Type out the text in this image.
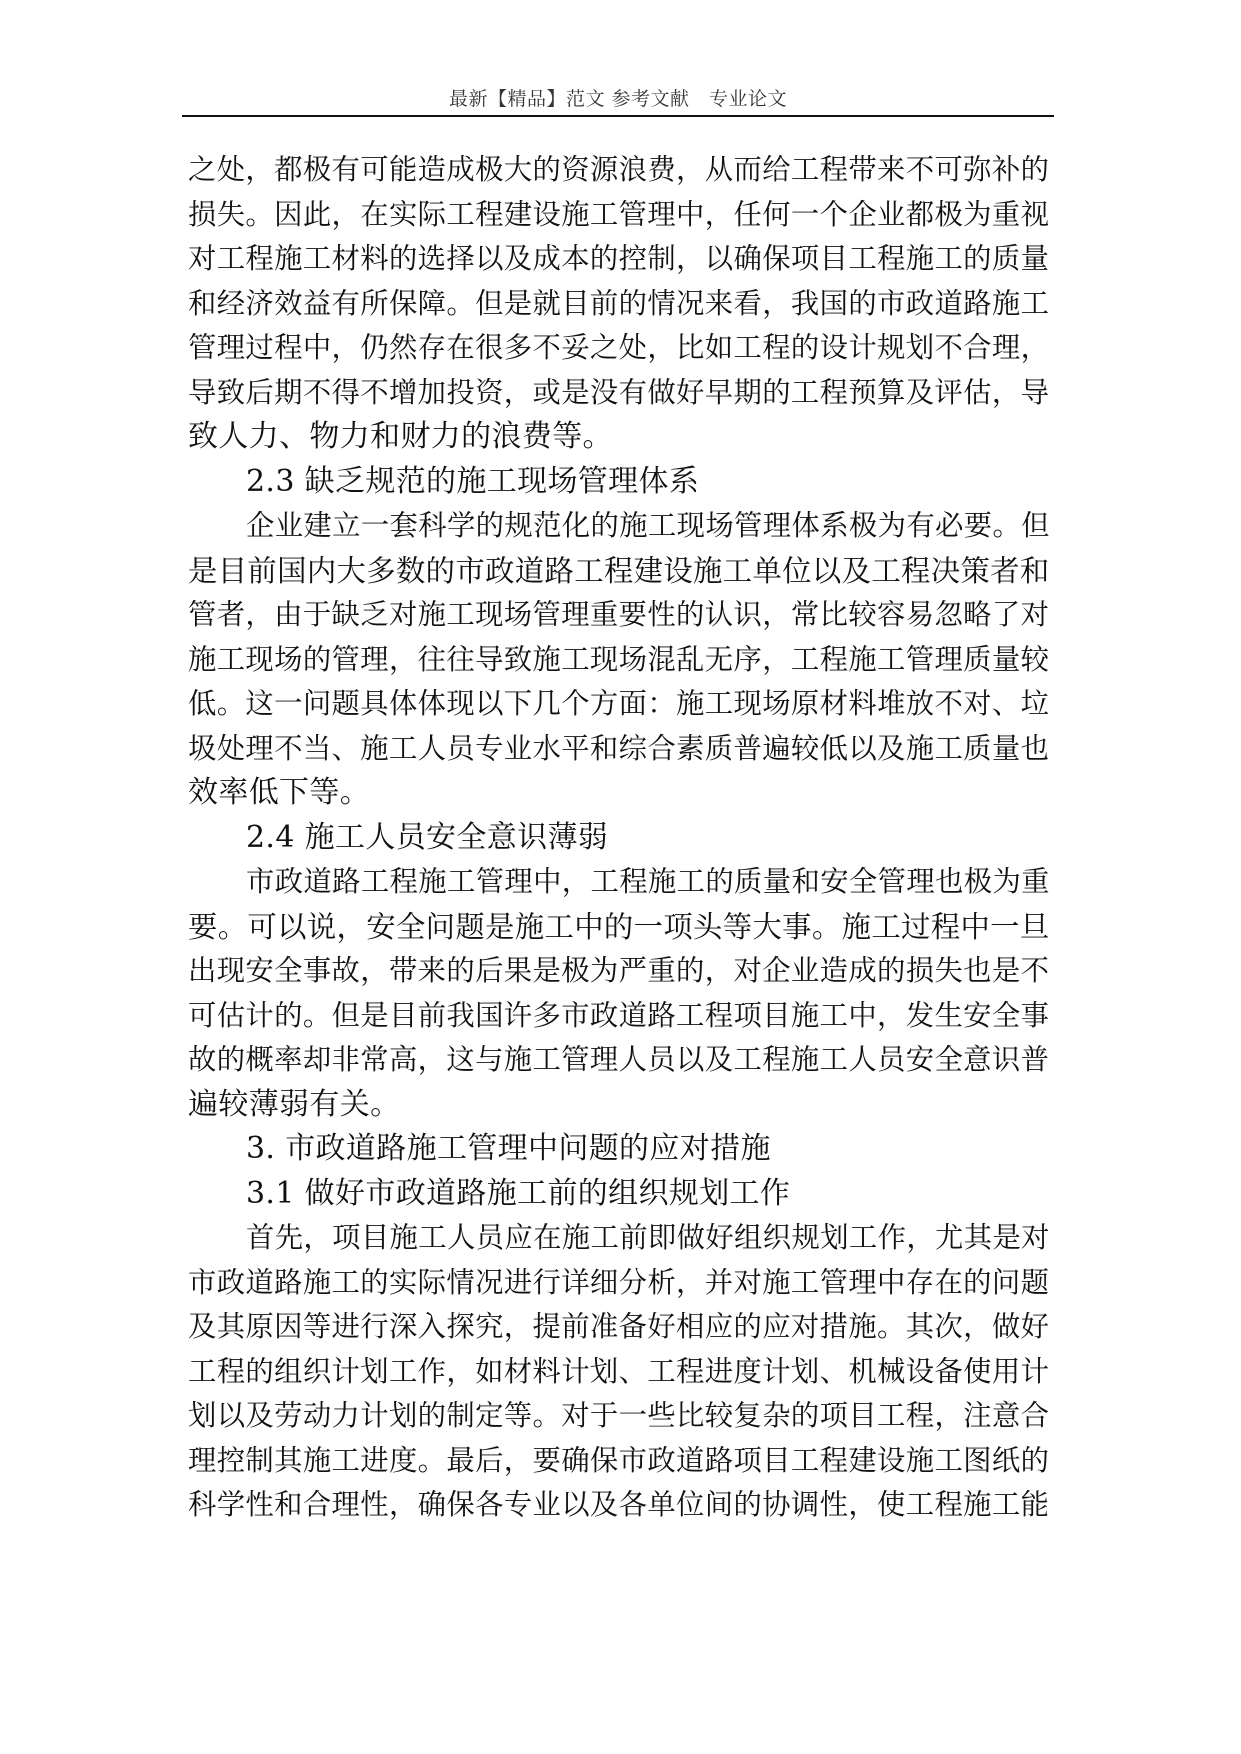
最新【精品】范文 参考文献　专业论文
之处，都极有可能造成极大的资源浪费，从而给工程带来不可弥补的
损失。因此，在实际工程建设施工管理中，任何一个企业都极为重视
对工程施工材料的选择以及成本的控制，以确保项目工程施工的质量
和经济效益有所保障。但是就目前的情况来看，我国的市政道路施工
管理过程中，仍然存在很多不妥之处，比如工程的设计规划不合理，
导致后期不得不增加投资，或是没有做好早期的工程预算及评估，导
致人力、物力和财力的浪费等。
2.3 缺乏规范的施工现场管理体系
企业建立一套科学的规范化的施工现场管理体系极为有必要。但
是目前国内大多数的市政道路工程建设施工单位以及工程决策者和
管者，由于缺乏对施工现场管理重要性的认识，常比较容易忽略了对
施工现场的管理，往往导致施工现场混乱无序，工程施工管理质量较
低。这一问题具体体现以下几个方面：施工现场原材料堆放不对、垃
圾处理不当、施工人员专业水平和综合素质普遍较低以及施工质量也
效率低下等。
2.4 施工人员安全意识薄弱
市政道路工程施工管理中，工程施工的质量和安全管理也极为重
要。可以说，安全问题是施工中的一项头等大事。施工过程中一旦
出现安全事故，带来的后果是极为严重的，对企业造成的损失也是不
可估计的。但是目前我国许多市政道路工程项目施工中，发生安全事
故的概率却非常高，这与施工管理人员以及工程施工人员安全意识普
遍较薄弱有关。
3. 市政道路施工管理中问题的应对措施
3.1 做好市政道路施工前的组织规划工作
首先，项目施工人员应在施工前即做好组织规划工作，尤其是对
市政道路施工的实际情况进行详细分析，并对施工管理中存在的问题
及其原因等进行深入探究，提前准备好相应的应对措施。其次，做好
工程的组织计划工作，如材料计划、工程进度计划、机械设备使用计
划以及劳动力计划的制定等。对于一些比较复杂的项目工程，注意合
理控制其施工进度。最后，要确保市政道路项目工程建设施工图纸的
科学性和合理性，确保各专业以及各单位间的协调性，使工程施工能
